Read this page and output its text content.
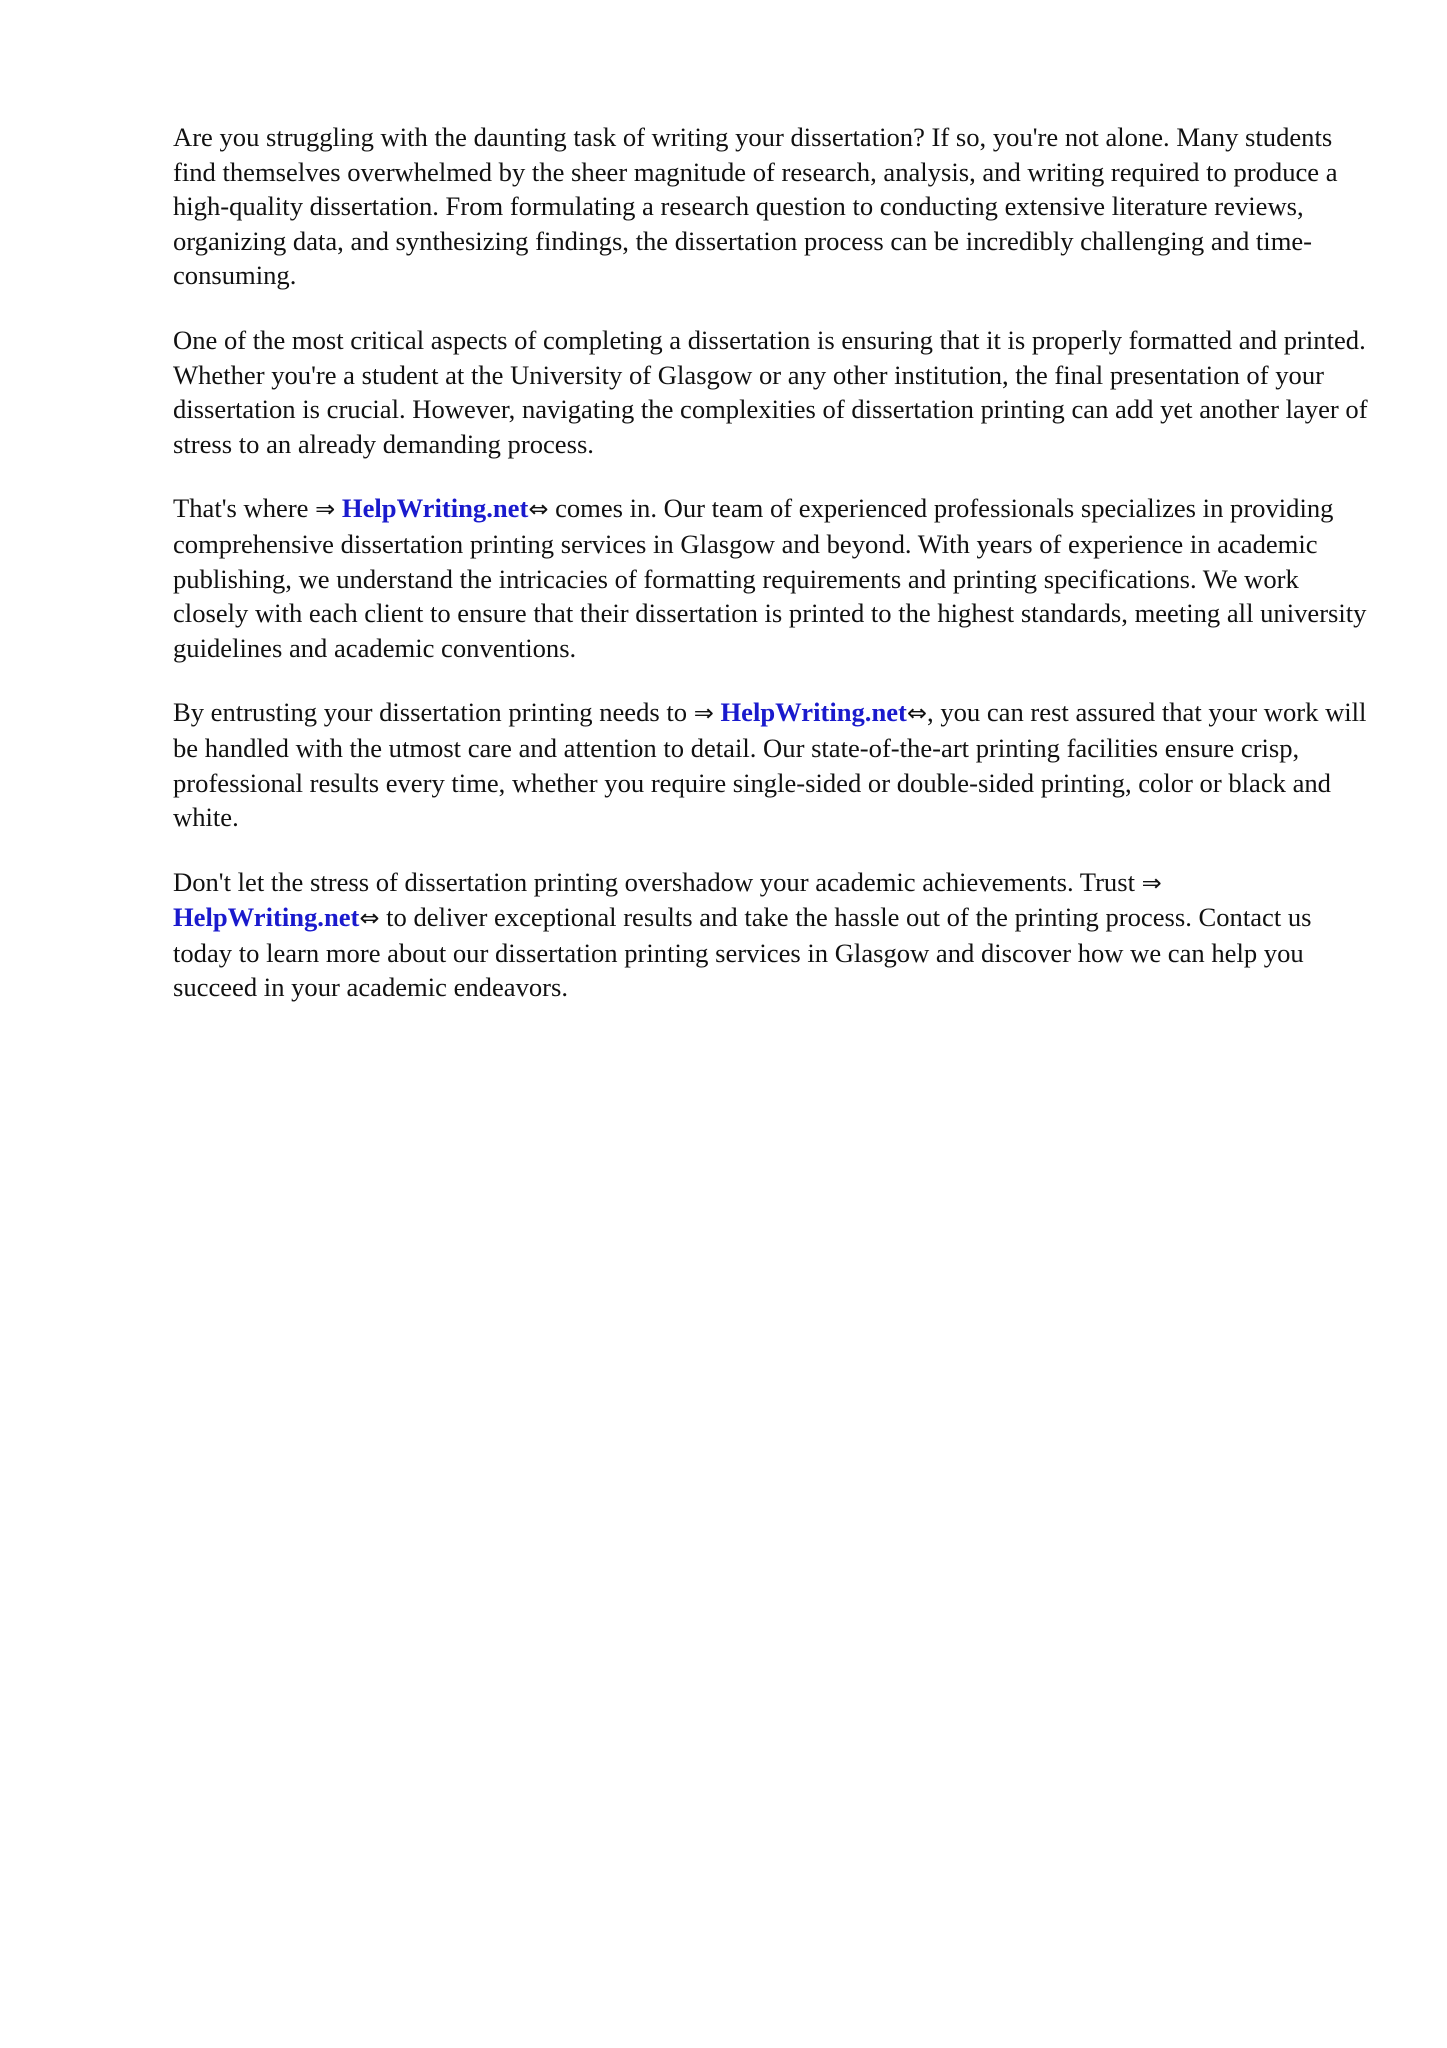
Are you struggling with the daunting task of writing your dissertation? If so, you're not alone. Many students find themselves overwhelmed by the sheer magnitude of research, analysis, and writing required to produce a high-quality dissertation. From formulating a research question to conducting extensive literature reviews, organizing data, and synthesizing findings, the dissertation process can be incredibly challenging and time-consuming.

One of the most critical aspects of completing a dissertation is ensuring that it is properly formatted and printed. Whether you're a student at the University of Glasgow or any other institution, the final presentation of your dissertation is crucial. However, navigating the complexities of dissertation printing can add yet another layer of stress to an already demanding process.

That's where ⇒ HelpWriting.net⇔ comes in. Our team of experienced professionals specializes in providing comprehensive dissertation printing services in Glasgow and beyond. With years of experience in academic publishing, we understand the intricacies of formatting requirements and printing specifications. We work closely with each client to ensure that their dissertation is printed to the highest standards, meeting all university guidelines and academic conventions.

By entrusting your dissertation printing needs to ⇒ HelpWriting.net⇔, you can rest assured that your work will be handled with the utmost care and attention to detail. Our state-of-the-art printing facilities ensure crisp, professional results every time, whether you require single-sided or double-sided printing, color or black and white.

Don't let the stress of dissertation printing overshadow your academic achievements. Trust ⇒ HelpWriting.net⇔ to deliver exceptional results and take the hassle out of the printing process. Contact us today to learn more about our dissertation printing services in Glasgow and discover how we can help you succeed in your academic endeavors.
